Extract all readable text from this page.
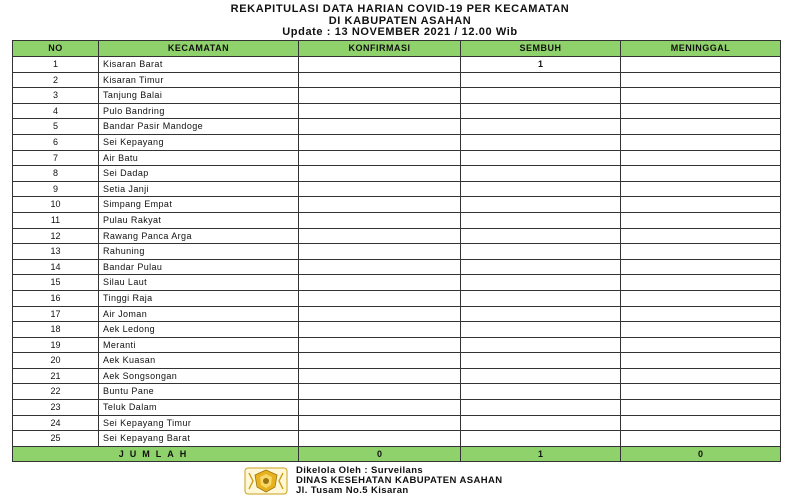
REKAPITULASI DATA HARIAN COVID-19 PER KECAMATAN
DI KABUPATEN ASAHAN
Update : 13 NOVEMBER 2021 / 12.00 Wib
NO	KECAMATAN	KONFIRMASI	SEMBUH	MENINGGAL
1	Kisaran Barat		1	
2	Kisaran Timur			
3	Tanjung Balai			
4	Pulo Bandring			
5	Bandar Pasir Mandoge			
6	Sei Kepayang			
7	Air Batu			
8	Sei Dadap			
9	Setia Janji			
10	Simpang Empat			
11	Pulau Rakyat			
12	Rawang Panca Arga			
13	Rahuning			
14	Bandar Pulau			
15	Silau Laut			
16	Tinggi Raja			
17	Air Joman			
18	Aek Ledong			
19	Meranti			
20	Aek Kuasan			
21	Aek Songsongan			
22	Buntu Pane			
23	Teluk Dalam			
24	Sei Kepayang Timur			
25	Sei Kepayang Barat			
JUMLAH		0	1	0
Dikelola Oleh : Surveilans
DINAS KESEHATAN KABUPATEN ASAHAN
Jl. Tusam No.5 Kisaran
